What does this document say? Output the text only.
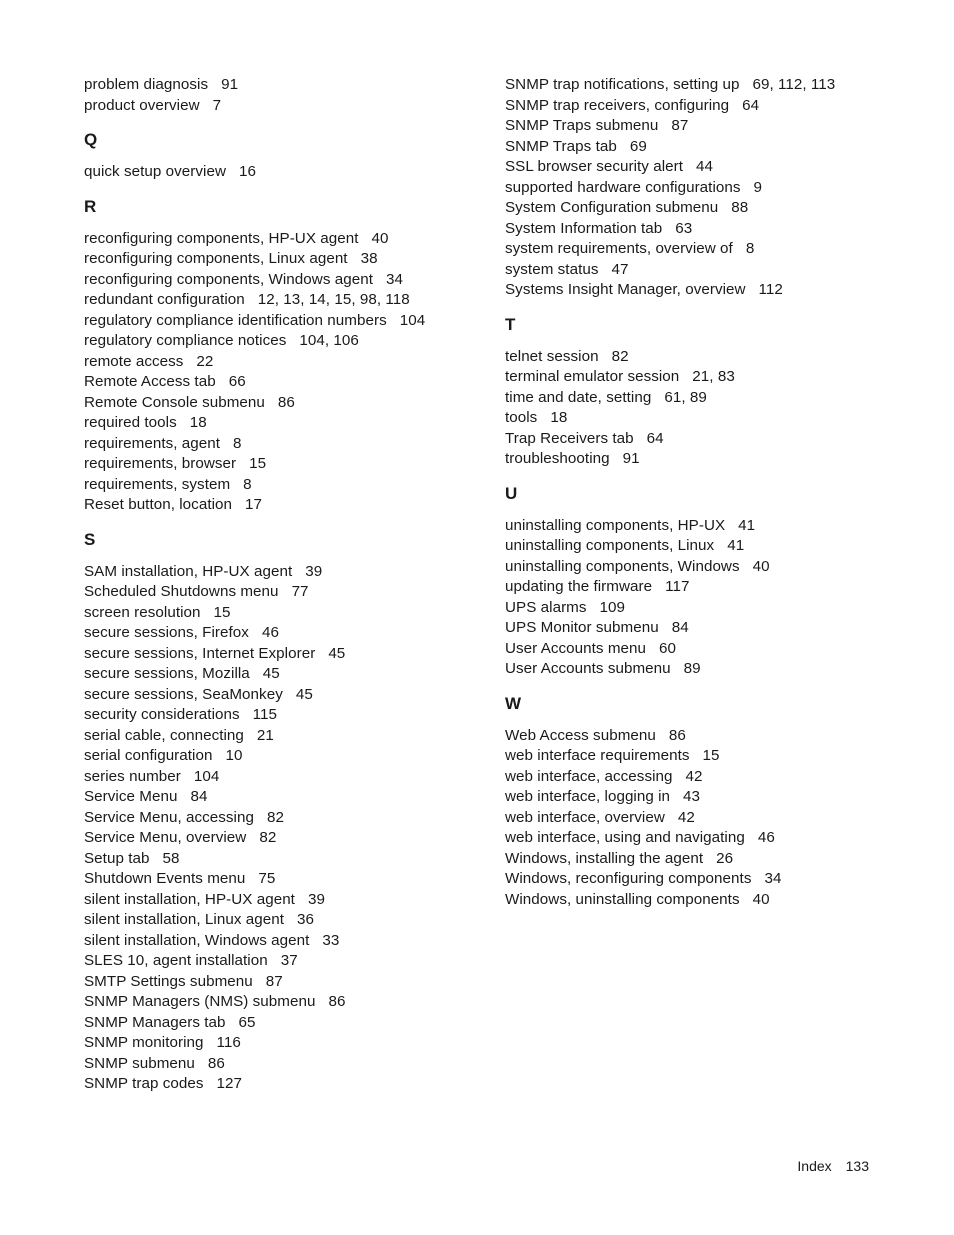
problem diagnosis 91
product overview 7
Q
quick setup overview 16
R
reconfiguring components, HP-UX agent 40
reconfiguring components, Linux agent 38
reconfiguring components, Windows agent 34
redundant configuration 12, 13, 14, 15, 98, 118
regulatory compliance identification numbers 104
regulatory compliance notices 104, 106
remote access 22
Remote Access tab 66
Remote Console submenu 86
required tools 18
requirements, agent 8
requirements, browser 15
requirements, system 8
Reset button, location 17
S
SAM installation, HP-UX agent 39
Scheduled Shutdowns menu 77
screen resolution 15
secure sessions, Firefox 46
secure sessions, Internet Explorer 45
secure sessions, Mozilla 45
secure sessions, SeaMonkey 45
security considerations 115
serial cable, connecting 21
serial configuration 10
series number 104
Service Menu 84
Service Menu, accessing 82
Service Menu, overview 82
Setup tab 58
Shutdown Events menu 75
silent installation, HP-UX agent 39
silent installation, Linux agent 36
silent installation, Windows agent 33
SLES 10, agent installation 37
SMTP Settings submenu 87
SNMP Managers (NMS) submenu 86
SNMP Managers tab 65
SNMP monitoring 116
SNMP submenu 86
SNMP trap codes 127
SNMP trap notifications, setting up 69, 112, 113
SNMP trap receivers, configuring 64
SNMP Traps submenu 87
SNMP Traps tab 69
SSL browser security alert 44
supported hardware configurations 9
System Configuration submenu 88
System Information tab 63
system requirements, overview of 8
system status 47
Systems Insight Manager, overview 112
T
telnet session 82
terminal emulator session 21, 83
time and date, setting 61, 89
tools 18
Trap Receivers tab 64
troubleshooting 91
U
uninstalling components, HP-UX 41
uninstalling components, Linux 41
uninstalling components, Windows 40
updating the firmware 117
UPS alarms 109
UPS Monitor submenu 84
User Accounts menu 60
User Accounts submenu 89
W
Web Access submenu 86
web interface requirements 15
web interface, accessing 42
web interface, logging in 43
web interface, overview 42
web interface, using and navigating 46
Windows, installing the agent 26
Windows, reconfiguring components 34
Windows, uninstalling components 40
Index 133
